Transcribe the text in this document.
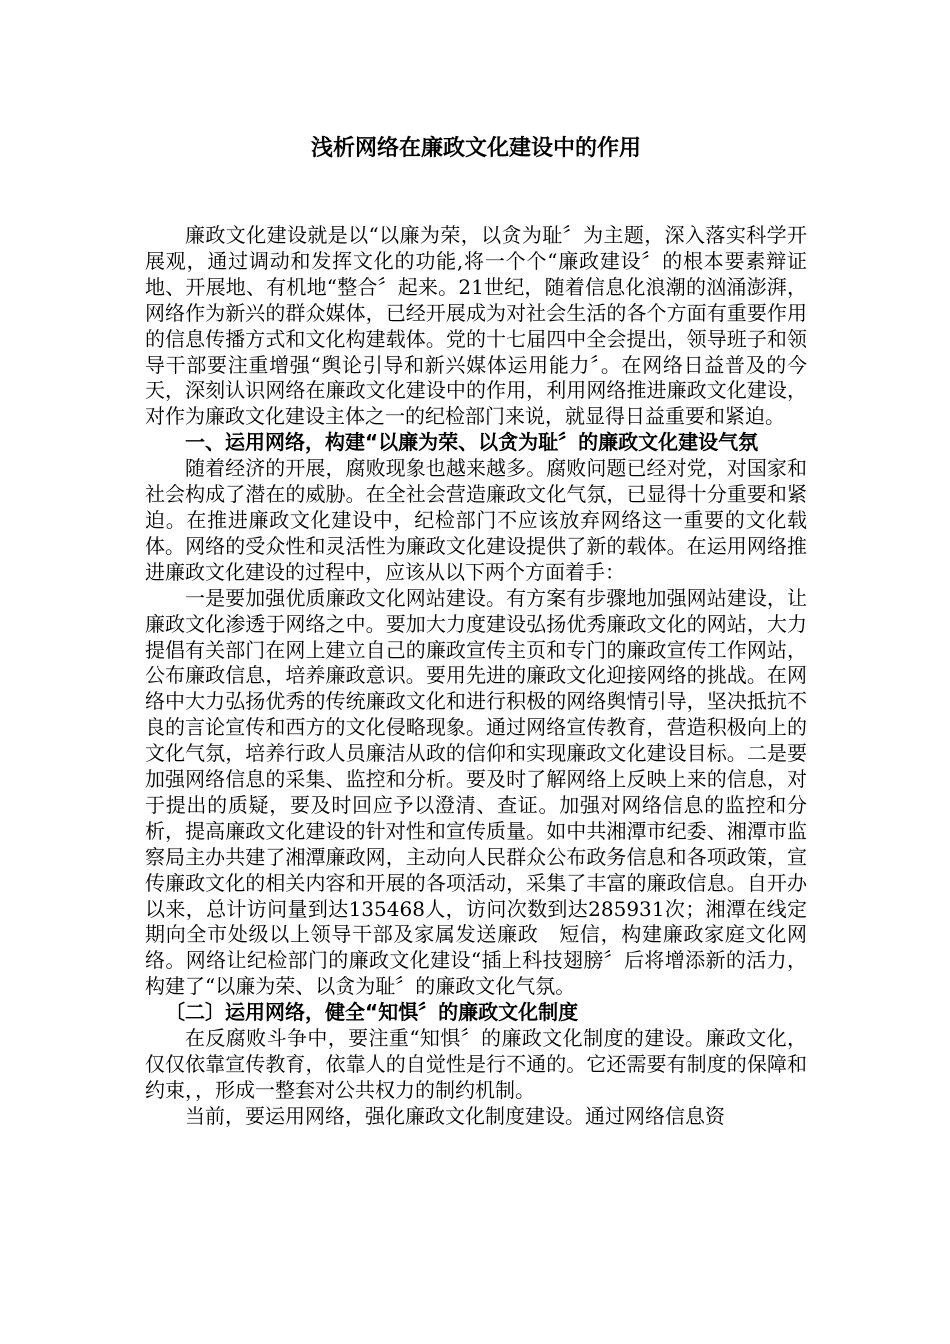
浅析网络在廉政文化建设中的作用

廉政文化建设就是以“以廉为荣，以贪为耻〞为主题，深入落实科学开展观，通过调动和发挥文化的功能,将一个个“廉政建设〞的根本要素辩证地、开展地、有机地“整合〞起来。21世纪，随着信息化浪潮的汹涌澎湃，网络作为新兴的群众媒体，已经开展成为对社会生活的各个方面有重要作用的信息传播方式和文化构建载体。党的十七届四中全会提出，领导班子和领导干部要注重增强“舆论引导和新兴媒体运用能力〞。在网络日益普及的今天，深刻认识网络在廉政文化建设中的作用，利用网络推进廉政文化建设，对作为廉政文化建设主体之一的纪检部门来说，就显得日益重要和紧迫。

一、运用网络，构建“以廉为荣、以贪为耻〞的廉政文化建设气氛

随着经济的开展，腐败现象也越来越多。腐败问题已经对党，对国家和社会构成了潜在的威胁。在全社会营造廉政文化气氛，已显得十分重要和紧迫。在推进廉政文化建设中，纪检部门不应该放弃网络这一重要的文化载体。网络的受众性和灵活性为廉政文化建设提供了新的载体。在运用网络推进廉政文化建设的过程中，应该从以下两个方面着手：

一是要加强优质廉政文化网站建设。有方案有步骤地加强网站建设，让廉政文化渗透于网络之中。要加大力度建设弘扬优秀廉政文化的网站，大力提倡有关部门在网上建立自己的廉政宣传主页和专门的廉政宣传工作网站，公布廉政信息，培养廉政意识。要用先进的廉政文化迎接网络的挑战。在网络中大力弘扬优秀的传统廉政文化和进行积极的网络舆情引导，坚决抵抗不良的言论宣传和西方的文化侵略现象。通过网络宣传教育，营造积极向上的文化气氛，培养行政人员廉洁从政的信仰和实现廉政文化建设目标。二是要加强网络信息的采集、监控和分析。要及时了解网络上反映上来的信息，对于提出的质疑，要及时回应予以澄清、查证。加强对网络信息的监控和分析，提高廉政文化建设的针对性和宣传质量。如中共湘潭市纪委、湘潭市监察局主办共建了湘潭廉政网，主动向人民群众公布政务信息和各项政策，宣传廉政文化的相关内容和开展的各项活动，采集了丰富的廉政信息。自开办以来，总计访问量到达135468人，访问次数到达285931次；湘潭在线定期向全市处级以上领导干部及家属发送廉政　短信，构建廉政家庭文化网络。网络让纪检部门的廉政文化建设“插上科技翅膀〞后将增添新的活力，构建了“以廉为荣、以贪为耻〞的廉政文化气氛。

〔二〕运用网络，健全“知惧〞的廉政文化制度

在反腐败斗争中，要注重“知惧〞的廉政文化制度的建设。廉政文化，仅仅依靠宣传教育，依靠人的自觉性是行不通的。它还需要有制度的保障和约束，，形成一整套对公共权力的制约机制。

当前，要运用网络，强化廉政文化制度建设。通过网络信息资
